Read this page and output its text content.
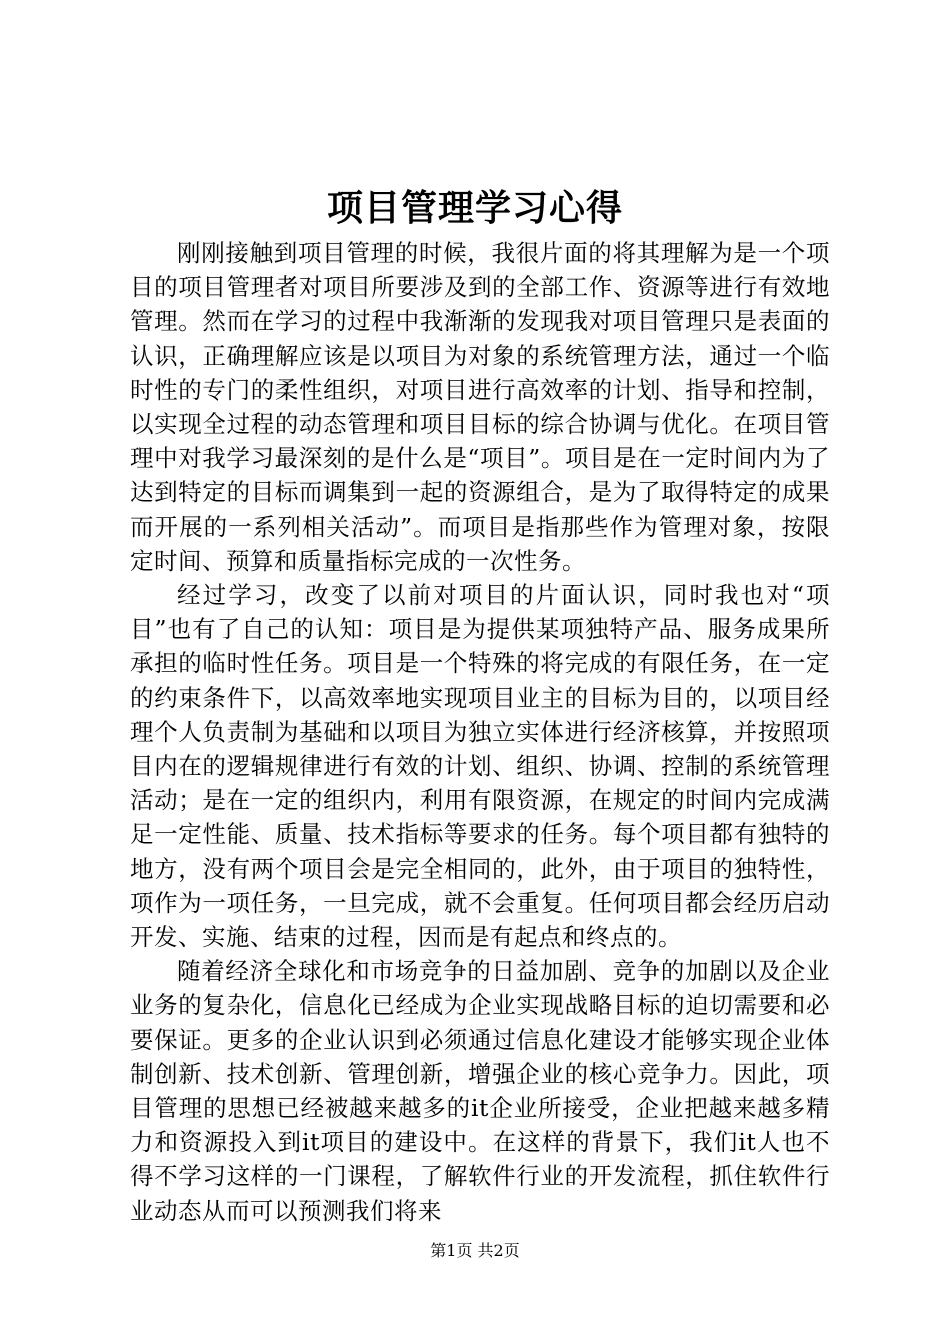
项目管理学习心得

刚刚接触到项目管理的时候，我很片面的将其理解为是一个项目的项目管理者对项目所要涉及到的全部工作、资源等进行有效地管理。然而在学习的过程中我渐渐的发现我对项目管理只是表面的认识，正确理解应该是以项目为对象的系统管理方法，通过一个临时性的专门的柔性组织，对项目进行高效率的计划、指导和控制，以实现全过程的动态管理和项目目标的综合协调与优化。在项目管理中对我学习最深刻的是什么是“项目”。项目是在一定时间内为了达到特定的目标而调集到一起的资源组合，是为了取得特定的成果而开展的一系列相关活动”。而项目是指那些作为管理对象，按限定时间、预算和质量指标完成的一次性务。

经过学习，改变了以前对项目的片面认识，同时我也对“项目”也有了自己的认知：项目是为提供某项独特产品、服务成果所承担的临时性任务。项目是一个特殊的将完成的有限任务，在一定的约束条件下，以高效率地实现项目业主的目标为目的，以项目经理个人负责制为基础和以项目为独立实体进行经济核算，并按照项目内在的逻辑规律进行有效的计划、组织、协调、控制的系统管理活动；是在一定的组织内，利用有限资源，在规定的时间内完成满足一定性能、质量、技术指标等要求的任务。每个项目都有独特的地方，没有两个项目会是完全相同的，此外，由于项目的独特性，项作为一项任务，一旦完成，就不会重复。任何项目都会经历启动开发、实施、结束的过程，因而是有起点和终点的。

随着经济全球化和市场竞争的日益加剧、竞争的加剧以及企业业务的复杂化，信息化已经成为企业实现战略目标的迫切需要和必要保证。更多的企业认识到必须通过信息化建设才能够实现企业体制创新、技术创新、管理创新，增强企业的核心竞争力。因此，项目管理的思想已经被越来越多的it企业所接受，企业把越来越多精力和资源投入到it项目的建设中。在这样的背景下，我们it人也不得不学习这样的一门课程，了解软件行业的开发流程，抓住软件行业动态从而可以预测我们将来

第1页 共2页
